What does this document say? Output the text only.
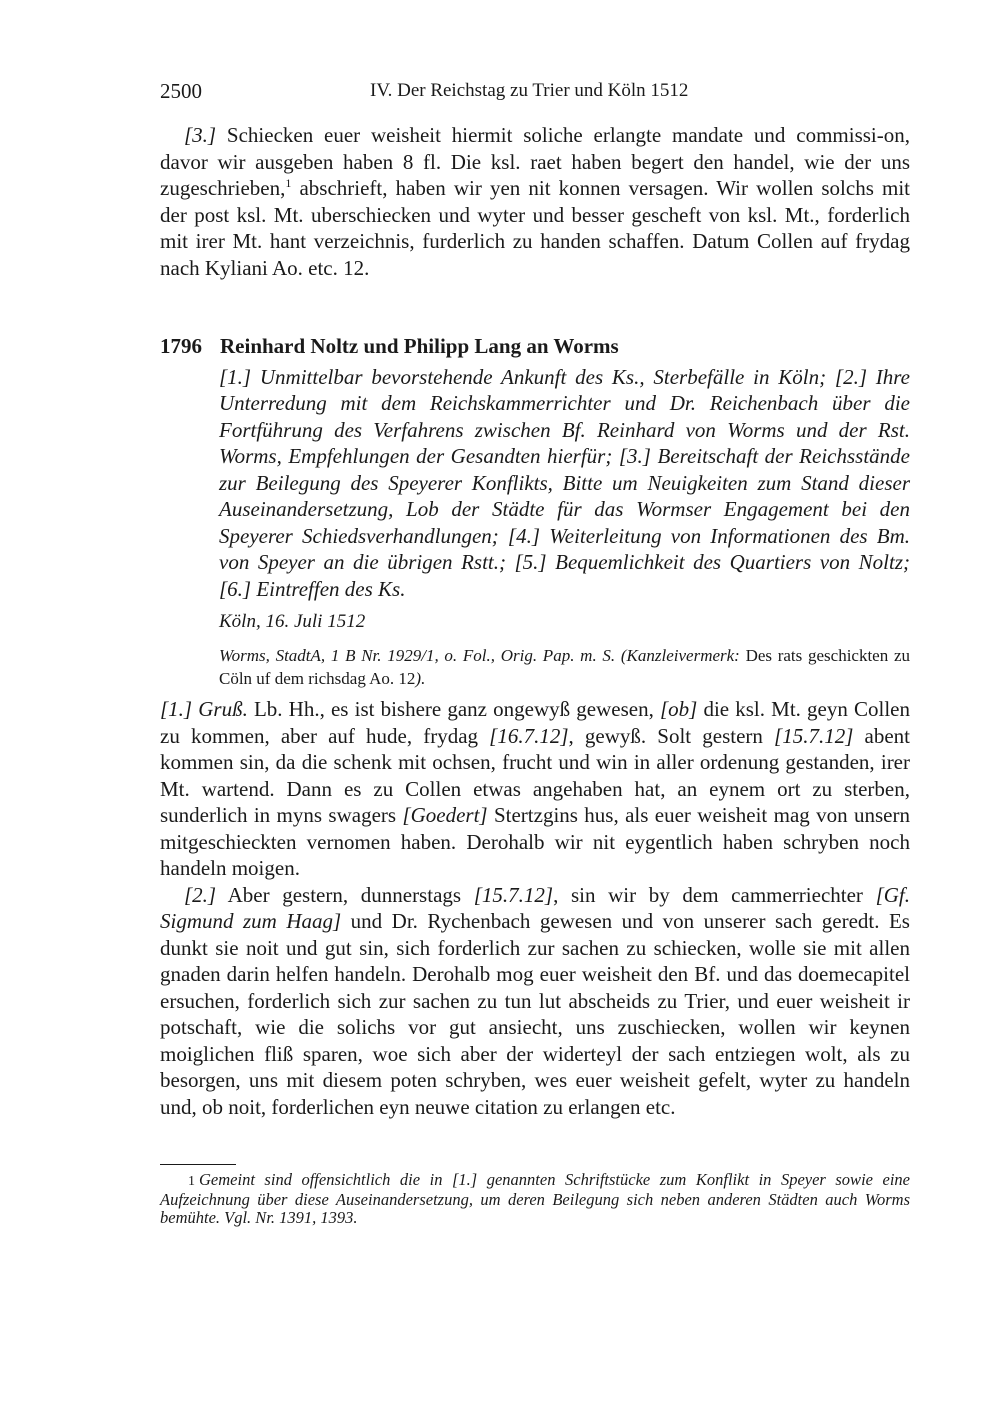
2500	IV. Der Reichstag zu Trier und Köln 1512

[3.] Schiecken euer weisheit hiermit soliche erlangte mandate und commissi-on, davor wir ausgeben haben 8 fl. Die ksl. raet haben begert den handel, wie der uns zugeschrieben,$^1$ abschrieft, haben wir yen nit konnen versagen. Wir wollen solchs mit der post ksl. Mt. uberschiecken und wyter und besser gescheft von ksl. Mt., forderlich mit irer Mt. hant verzeichnis, furderlich zu handen schaffen. Datum Collen auf frydag nach Kyliani Ao. etc. 12.

1796 Reinhard Noltz und Philipp Lang an Worms

[1.] Unmittelbar bevorstehende Ankunft des Ks., Sterbefälle in Köln; [2.] Ihre Unterredung mit dem Reichskammerrichter und Dr. Reichenbach über die Fortführung des Verfahrens zwischen Bf. Reinhard von Worms und der Rst. Worms, Empfehlungen der Gesandten hierfür; [3.] Bereitschaft der Reichsstände zur Beilegung des Speyerer Konflikts, Bitte um Neuigkeiten zum Stand dieser Auseinandersetzung, Lob der Städte für das Wormser Engagement bei den Speyerer Schiedsverhandlungen; [4.] Weiterleitung von Informationen des Bm. von Speyer an die übrigen Rstt.; [5.] Bequemlichkeit des Quartiers von Noltz; [6.] Eintreffen des Ks.

Köln, 16. Juli 1512
Worms, StadtA, 1 B Nr. 1929/1, o. Fol., Orig. Pap. m. S. (Kanzleivermerk: Des rats geschickten zu Cöln uf dem richsdag Ao. 12).

[1.] Gruß. Lb. Hh., es ist bishere ganz ongewyß gewesen, [ob] die ksl. Mt. geyn Collen zu kommen, aber auf hude, frydag [16.7.12], gewyß. Solt gestern [15.7.12] abent kommen sin, da die schenk mit ochsen, frucht und win in aller ordenung gestanden, irer Mt. wartend. Dann es zu Collen etwas angehaben hat, an eynem ort zu sterben, sunderlich in myns swagers [Goedert] Stertzgins hus, als euer weisheit mag von unsern mitgeschieckten vernomen haben. Derohalb wir nit eygentlich haben schryben noch handeln moigen.

[2.] Aber gestern, dunnerstags [15.7.12], sin wir by dem cammerriechter [Gf. Sigmund zum Haag] und Dr. Rychenbach gewesen und von unserer sach geredt. Es dunkt sie noit und gut sin, sich forderlich zur sachen zu schiecken, wolle sie mit allen gnaden darin helfen handeln. Derohalb mog euer weisheit den Bf. und das doemecapitel ersuchen, forderlich sich zur sachen zu tun lut abscheids zu Trier, und euer weisheit ir potschaft, wie die solichs vor gut ansiecht, uns zuschiecken, wollen wir keynen moiglichen fliß sparen, woe sich aber der widerteyl der sach entziegen wolt, als zu besorgen, uns mit diesem poten schryben, wes euer weisheit gefelt, wyter zu handeln und, ob noit, forderlichen eyn neuwe citation zu erlangen etc.

1 Gemeint sind offensichtlich die in [1.] genannten Schriftstücke zum Konflikt in Speyer sowie eine Aufzeichnung über diese Auseinandersetzung, um deren Beilegung sich neben anderen Städten auch Worms bemühte. Vgl. Nr. 1391, 1393.
